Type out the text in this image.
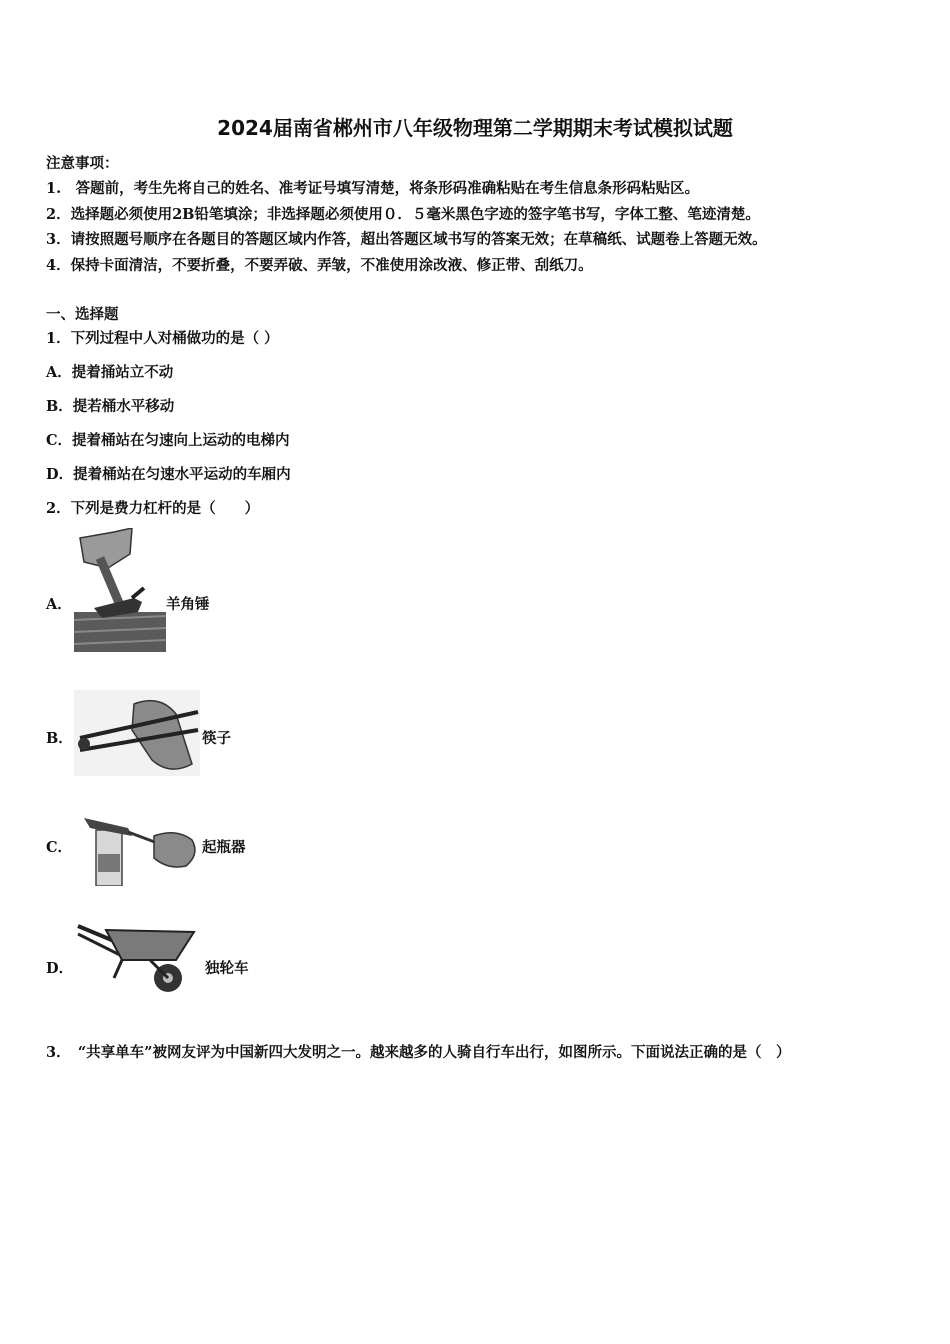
2024届南省郴州市八年级物理第二学期期末考试模拟试题
注意事项：
1.　答题前，考生先将自己的姓名、准考证号填写清楚，将条形码准确粘贴在考生信息条形码粘贴区。
2．选择题必须使用2B铅笔填涂；非选择题必须使用０．５毫米黑色字迹的签字笔书写，字体工整、笔迹清楚。
3．请按照题号顺序在各题目的答题区域内作答，超出答题区域书写的答案无效；在草稿纸、试题卷上答题无效。
4．保持卡面清洁，不要折叠，不要弄破、弄皱，不准使用涂改液、修正带、刮纸刀。
一、选择题
1．下列过程中人对桶做功的是（ ）
A．提着捅站立不动
B．提若桶水平移动
C．提着桶站在匀速向上运动的电梯内
D．提着桶站在匀速水平运动的车厢内
2．下列是费力杠杆的是（　　）
A．	羊角锤
B．	筷子
C．	起瓶器
D．	独轮车
3．　“共享单车”被网友评为中国新四大发明之一。越来越多的人骑自行车出行，如图所示。下面说法正确的是（　）
